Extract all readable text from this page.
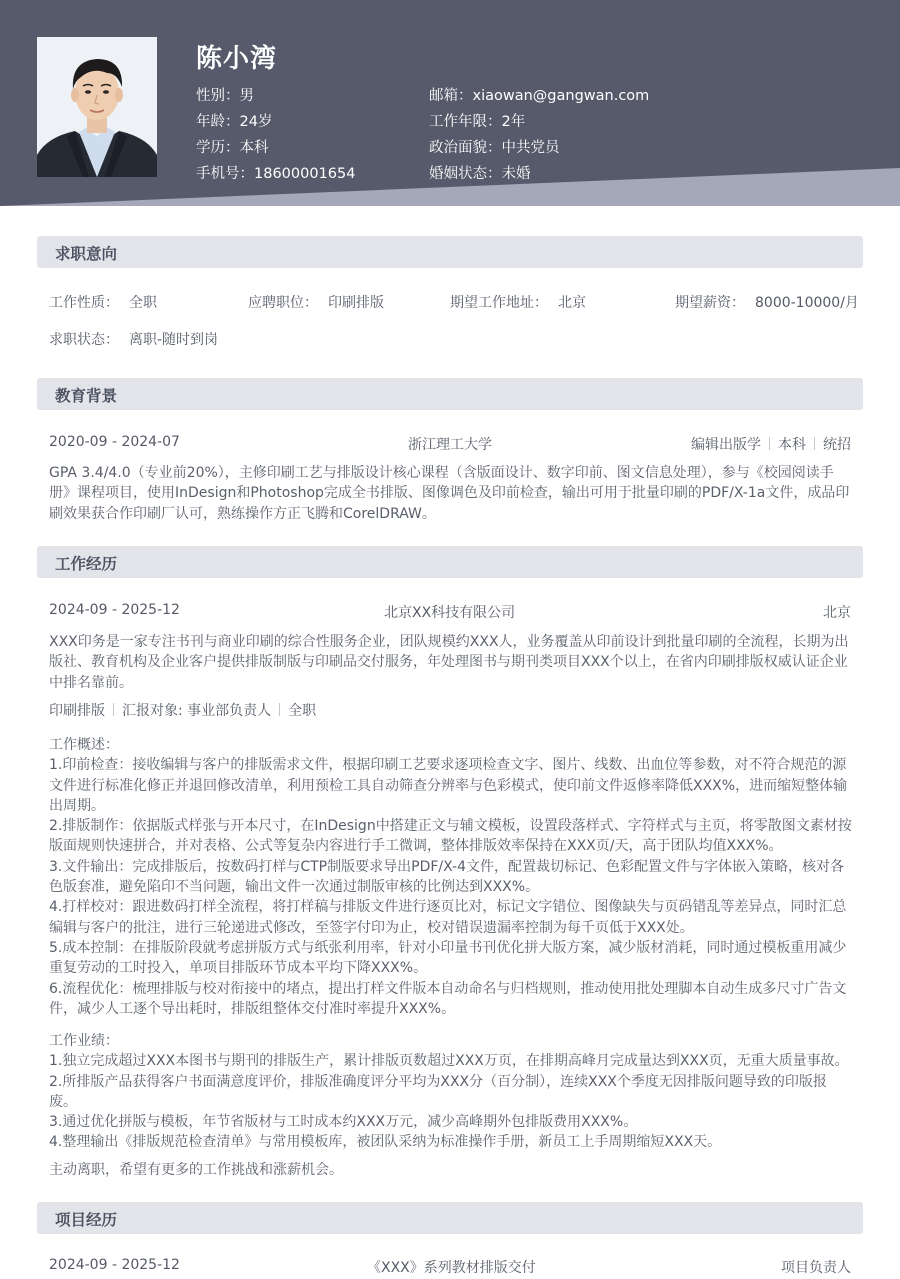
陈小湾
性别：男
年龄：24岁
学历：本科
手机号：18600001654
邮箱：xiaowan@gangwan.com
工作年限：2年
政治面貌：中共党员
婚姻状态：未婚
求职意向
工作性质： 全职	应聘职位： 印刷排版	期望工作地址： 北京	期望薪资： 8000-10000/月
求职状态： 离职-随时到岗
教育背景
2020-09 - 2024-07	浙江理工大学	编辑出版学 本科 统招

GPA 3.4/4.0（专业前20%），主修印刷工艺与排版设计核心课程（含版面设计、数字印前、图文信息处理），参与《校园阅读手册》课程项目，使用InDesign和Photoshop完成全书排版、图像调色及印前检查，输出可用于批量印刷的PDF/X-1a文件，成品印刷效果获合作印刷厂认可，熟练操作方正飞腾和CorelDRAW。

工作经历
2024-09 - 2025-12	北京XX科技有限公司	北京

XXX印务是一家专注书刊与商业印刷的综合性服务企业，团队规模约XXX人，业务覆盖从印前设计到批量印刷的全流程，长期为出版社、教育机构及企业客户提供排版制版与印刷品交付服务，年处理图书与期刊类项目XXX个以上，在省内印刷排版权威认证企业中排名靠前。

印刷排版 汇报对象: 事业部负责人 全职

工作概述：

1.印前检查：接收编辑与客户的排版需求文件，根据印刷工艺要求逐项检查文字、图片、线数、出血位等参数，对不符合规范的源文件进行标准化修正并退回修改清单，利用预检工具自动筛查分辨率与色彩模式，使印前文件返修率降低XXX%，进而缩短整体输出周期。

2.排版制作：依据版式样张与开本尺寸，在InDesign中搭建正文与辅文模板，设置段落样式、字符样式与主页，将零散图文素材按版面规则快速拼合，并对表格、公式等复杂内容进行手工微调，整体排版效率保持在XXX页/天，高于团队均值XXX%。

3.文件输出：完成排版后，按数码打样与CTP制版要求导出PDF/X-4文件，配置裁切标记、色彩配置文件与字体嵌入策略，核对各色版套准，避免陷印不当问题，输出文件一次通过制版审核的比例达到XXX%。

4.打样校对：跟进数码打样全流程，将打样稿与排版文件进行逐页比对，标记文字错位、图像缺失与页码错乱等差异点，同时汇总编辑与客户的批注，进行三轮递进式修改，至签字付印为止，校对错误遗漏率控制为每千页低于XXX处。

5.成本控制：在排版阶段就考虑拼版方式与纸张利用率，针对小印量书刊优化拼大版方案，减少版材消耗，同时通过模板重用减少重复劳动的工时投入，单项目排版环节成本平均下降XXX%。

6.流程优化：梳理排版与校对衔接中的堵点，提出打样文件版本自动命名与归档规则，推动使用批处理脚本自动生成多尺寸广告文件，减少人工逐个导出耗时，排版组整体交付准时率提升XXX%。

工作业绩：

1.独立完成超过XXX本图书与期刊的排版生产，累计排版页数超过XXX万页，在排期高峰月完成量达到XXX页，无重大质量事故。

2.所排版产品获得客户书面满意度评价，排版准确度评分平均为XXX分（百分制），连续XXX个季度无因排版问题导致的印版报废。

3.通过优化拼版与模板，年节省版材与工时成本约XXX万元，减少高峰期外包排版费用XXX%。

4.整理输出《排版规范检查清单》与常用模板库，被团队采纳为标准操作手册，新员工上手周期缩短XXX天。

主动离职，希望有更多的工作挑战和涨薪机会。

项目经历
2024-09 - 2025-12	《XXX》系列教材排版交付	项目负责人
